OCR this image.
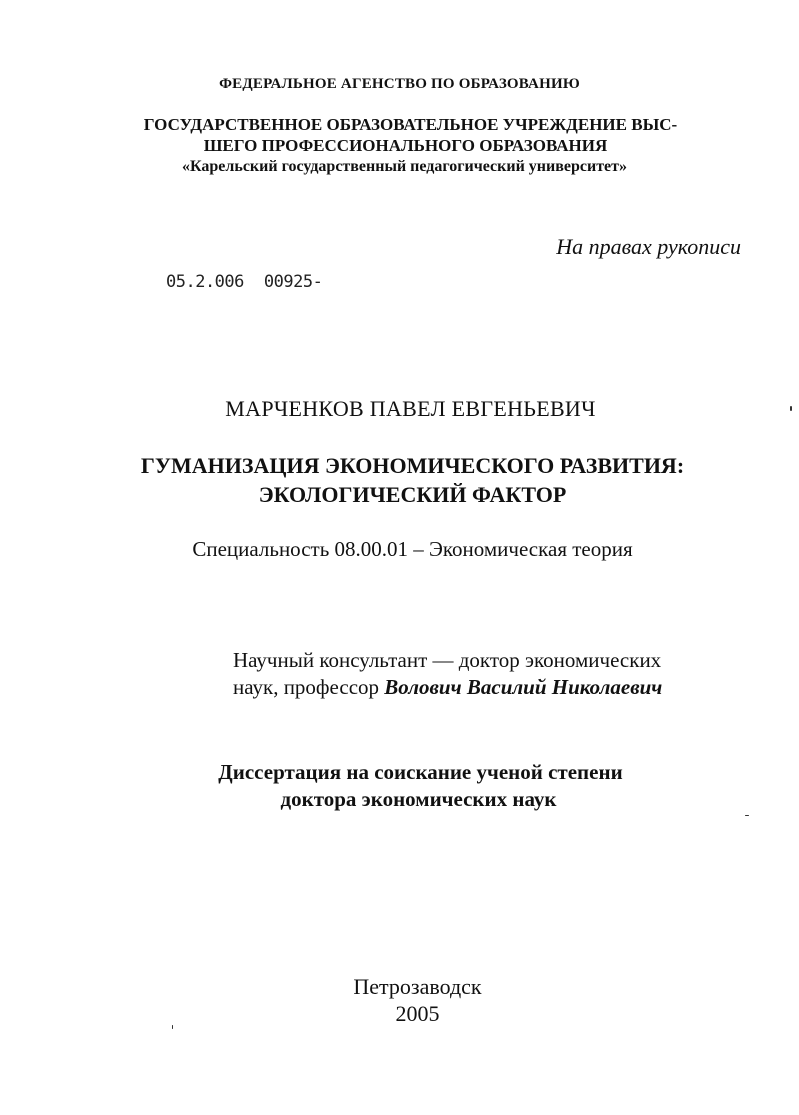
ФЕДЕРАЛЬНОЕ АГЕНСТВО ПО ОБРАЗОВАНИЮ
ГОСУДАРСТВЕННОЕ ОБРАЗОВАТЕЛЬНОЕ УЧРЕЖДЕНИЕ ВЫС-
ШЕГО ПРОФЕССИОНАЛЬНОГО ОБРАЗОВАНИЯ
«Карельский государственный педагогический университет»
На правах рукописи
05.2.006 00925-
МАРЧЕНКОВ ПАВЕЛ ЕВГЕНЬЕВИЧ
ГУМАНИЗАЦИЯ ЭКОНОМИЧЕСКОГО РАЗВИТИЯ:
ЭКОЛОГИЧЕСКИЙ ФАКТОР
Специальность 08.00.01 – Экономическая теория
Научный консультант — доктор экономических
наук, профессор Волович Василий Николаевич
Диссертация на соискание ученой степени
доктора экономических наук
Петрозаводск
2005
